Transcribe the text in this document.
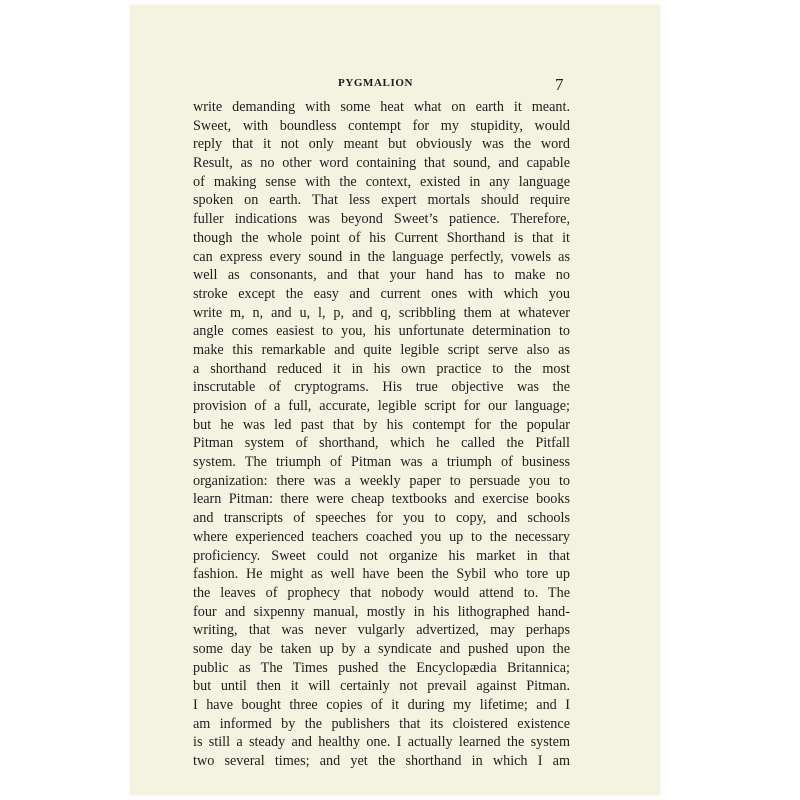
PYGMALION	7
write demanding with some heat what on earth it meant.
Sweet, with boundless contempt for my stupidity, would
reply that it not only meant but obviously was the word
Result, as no other word containing that sound, and capable
of making sense with the context, existed in any language
spoken on earth. That less expert mortals should require
fuller indications was beyond Sweet’s patience. Therefore,
though the whole point of his Current Shorthand is that it
can express every sound in the language perfectly, vowels as
well as consonants, and that your hand has to make no
stroke except the easy and current ones with which you
write m, n, and u, l, p, and q, scribbling them at whatever
angle comes easiest to you, his unfortunate determination to
make this remarkable and quite legible script serve also as
a shorthand reduced it in his own practice to the most
inscrutable of cryptograms. His true objective was the
provision of a full, accurate, legible script for our language;
but he was led past that by his contempt for the popular
Pitman system of shorthand, which he called the Pitfall
system. The triumph of Pitman was a triumph of business
organization: there was a weekly paper to persuade you to
learn Pitman: there were cheap textbooks and exercise books
and transcripts of speeches for you to copy, and schools
where experienced teachers coached you up to the necessary
proficiency. Sweet could not organize his market in that
fashion. He might as well have been the Sybil who tore up
the leaves of prophecy that nobody would attend to. The
four and sixpenny manual, mostly in his lithographed hand-
writing, that was never vulgarly advertized, may perhaps
some day be taken up by a syndicate and pushed upon the
public as The Times pushed the Encyclopædia Britannica;
but until then it will certainly not prevail against Pitman.
I have bought three copies of it during my lifetime; and I
am informed by the publishers that its cloistered existence
is still a steady and healthy one. I actually learned the system
two several times; and yet the shorthand in which I am
